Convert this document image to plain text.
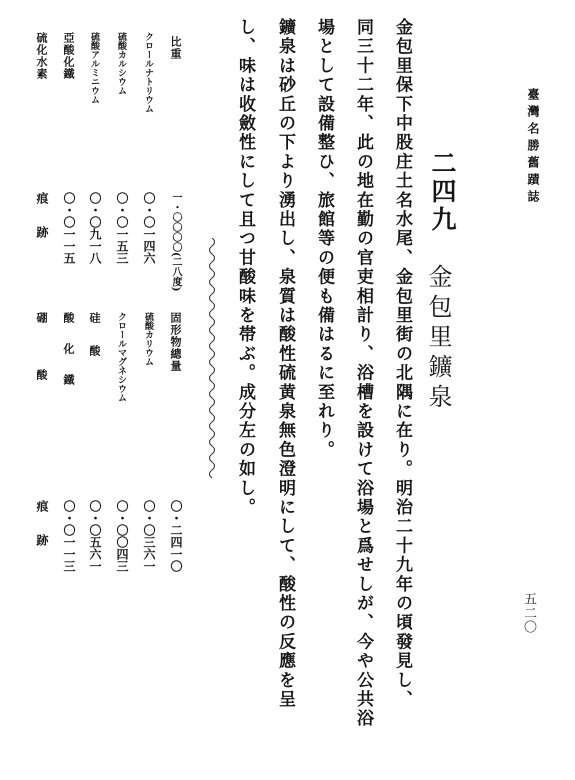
臺灣名勝舊蹟誌
二四九
金包里鑛泉
金包里保下中股庄土名水尾、金包里街の北隅に在り。明治二十九年の頃發見し、
同三十二年、此の地在勤の官吏相計り、浴槽を設けて浴場と爲せしが、今や公共浴
場として設備整ひ、旅館等の便も備はるに至れり。
鑛泉は砂丘の下より湧出し、泉質は酸性硫黄泉無色澄明にして、酸性の反應を呈
し、味は收斂性にして且つ甘酸味を帯ぶ。成分左の如し。
比重
クロールナトリウム
硫酸カルシウム
硫酸アルミニウム
亞酸化鐵
硫化水素
一・〇〇〇〇(二八度)
〇・〇一四六
〇・〇一五三
〇・〇九一八
〇・〇一一五
痕跡
固形物總量
硫酸カリウム
クロールマグネシウム
硅酸
酸化鐵
硼酸
〇・二四一〇
〇・〇三六一
〇・〇〇四三
〇・〇五六一
〇・〇一一三
痕跡
五二〇
